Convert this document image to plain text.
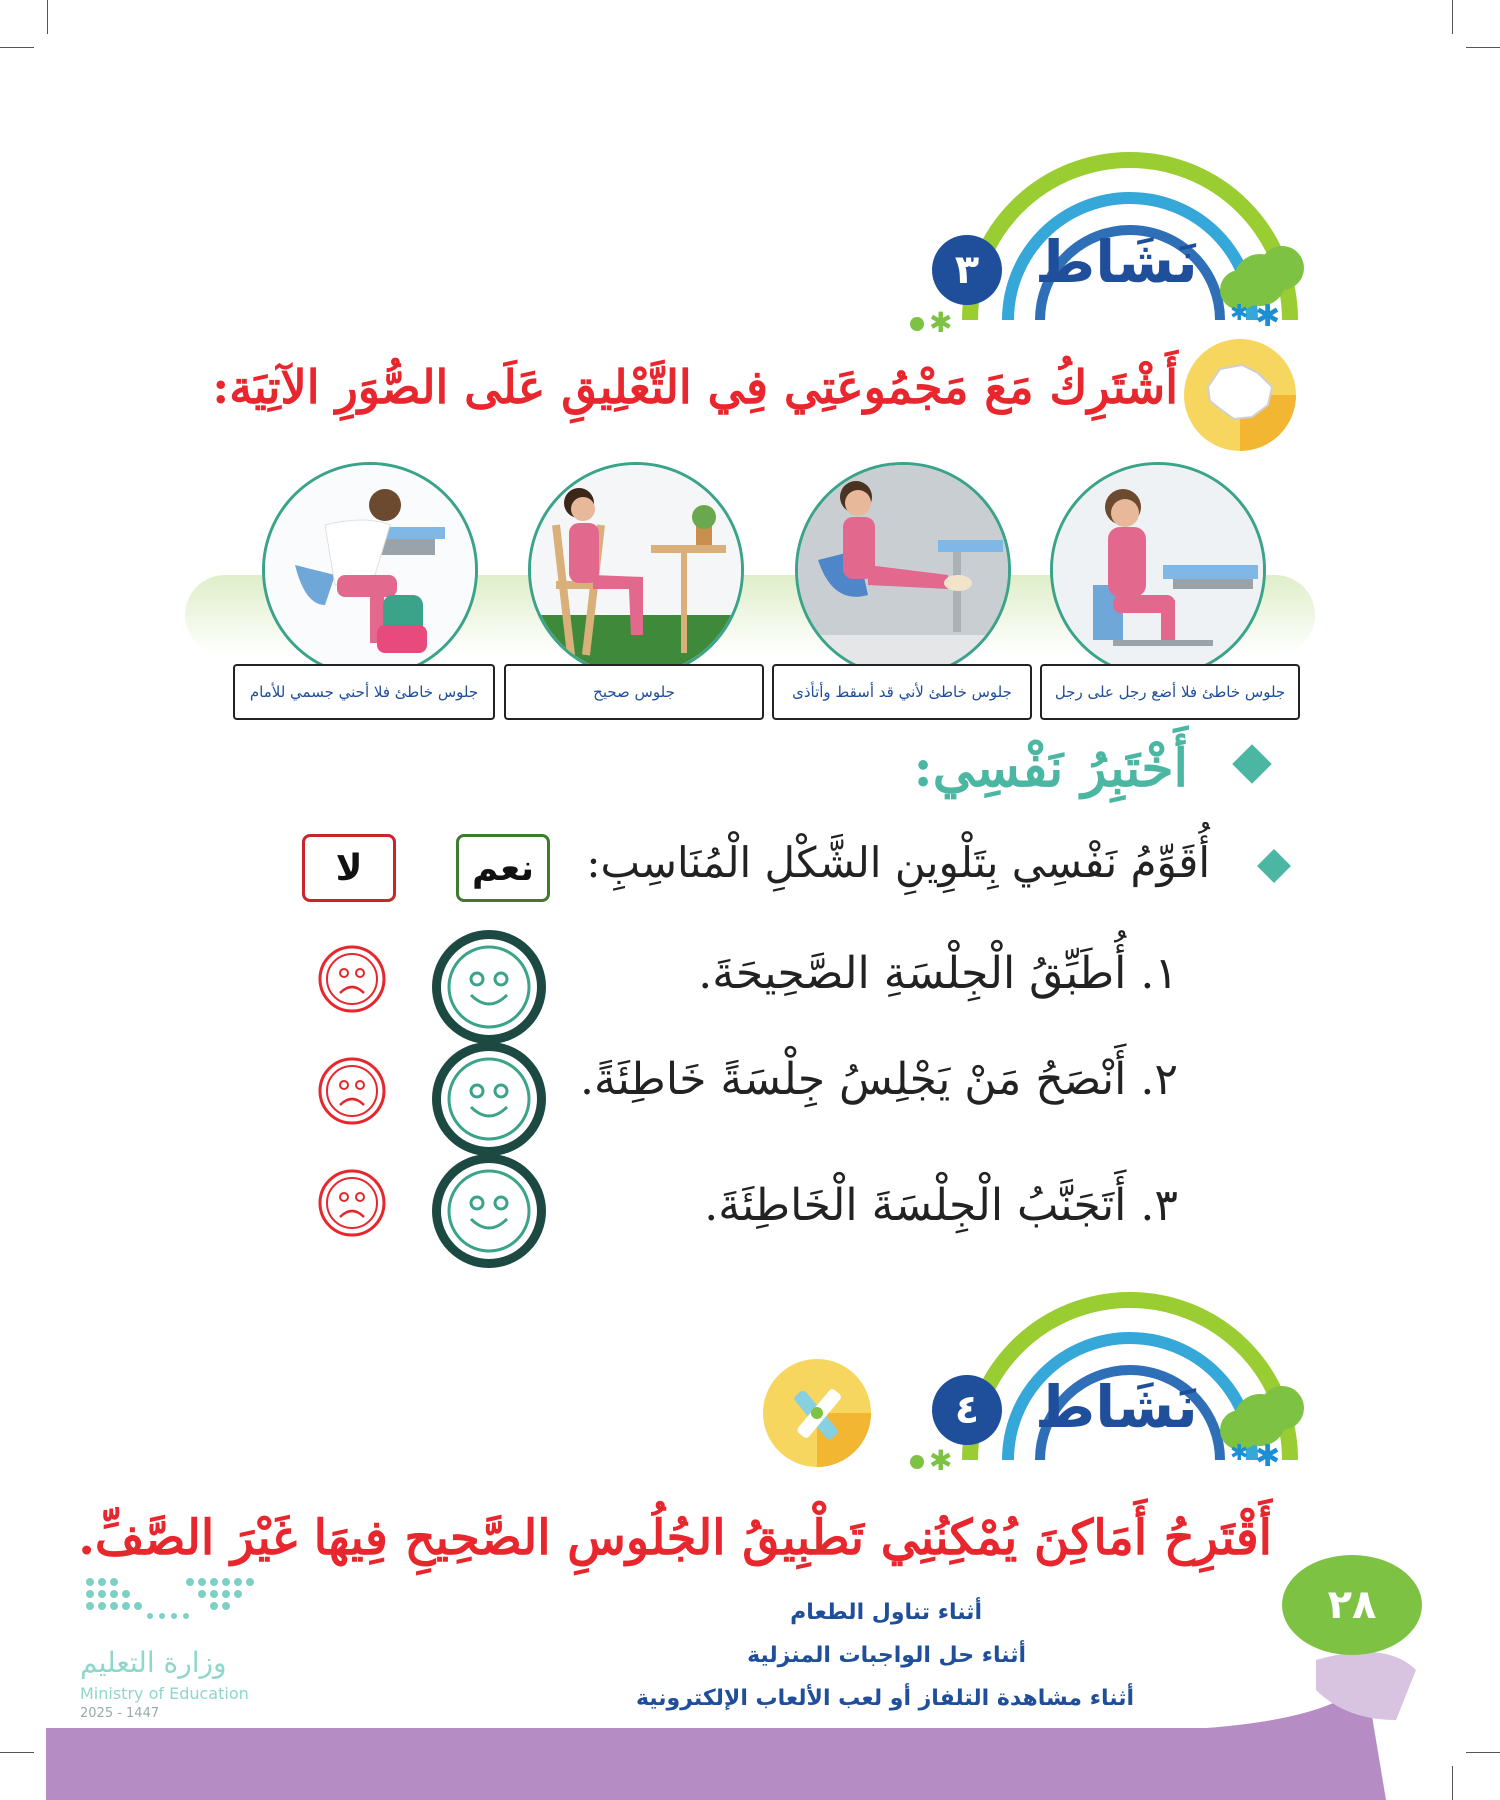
✱
✱
نَشَاط
٣
✱
أَشْتَرِكُ مَعَ مَجْمُوعَتِي فِي التَّعْلِيقِ عَلَى الصُّوَرِ الآتِيَة:
جلوس خاطئ فلا أضع رجل على رجل
جلوس خاطئ لأني قد أسقط وأتأذى
جلوس صحيح
جلوس خاطئ فلا أحني جسمي للأمام
أَخْتَبِرُ نَفْسِي:
أُقَوِّمُ نَفْسِي بِتَلْوِينِ الشَّكْلِ الْمُنَاسِبِ:
نعم
لا
١. أُطَبِّقُ الْجِلْسَةِ الصَّحِيحَةَ.
٢. أَنْصَحُ مَنْ يَجْلِسُ جِلْسَةً خَاطِئَةً.
٣. أَتَجَنَّبُ الْجِلْسَةَ الْخَاطِئَةَ.
✱
✱
نَشَاط
٤
✱
أَقْتَرِحُ أَمَاكِنَ يُمْكِنُنِي تَطْبِيقُ الجُلُوسِ الصَّحِيحِ فِيهَا غَيْرَ الصَّفِّ.
أثناء تناول الطعام
أثناء حل الواجبات المنزلية
أثناء مشاهدة التلفاز أو لعب الألعاب الإلكترونية
٢٨
وزارة التعليم
Ministry of Education
2025 - 1447
